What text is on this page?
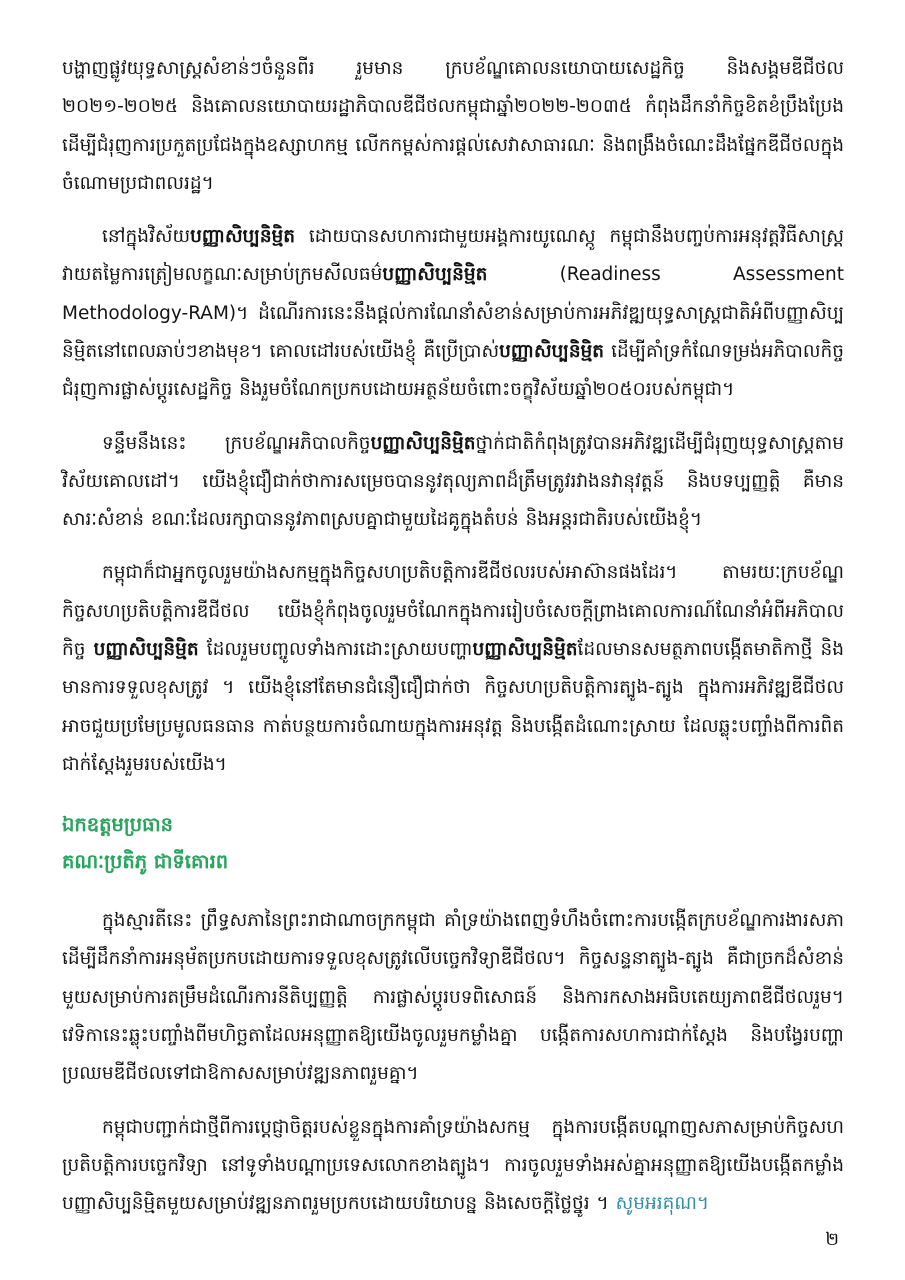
បង្ហាញផ្លូវយុទ្ធសាស្ត្រសំខាន់ៗចំនួនពីរ រួមមាន ក្របខ័ណ្ឌគោលនយោបាយសេដ្ឋកិច្ច និងសង្គមឌីជីថល ២០២១-២០២៥ និងគោលនយោបាយរដ្ឋាភិបាលឌីជីថលកម្ពុជាឆ្នាំ២០២២-២០៣៥ កំពុងដឹកនាំកិច្ចខិតខំប្រឹងប្រែង ដើម្បីជំរុញការប្រកួតប្រជែងក្នុងឧស្សាហកម្ម លើកកម្ពស់ការផ្តល់សេវាសាធារណៈ និងពង្រឹងចំណេះដឹងផ្នែកឌីជីថលក្នុងចំណោមប្រជាពលរដ្ឋ។

នៅក្នុងវិស័យបញ្ញាសិប្បនិម្មិត ដោយបានសហការជាមួយអង្គការយូណេស្កូ កម្ពុជានឹងបញ្ចប់ការអនុវត្តវិធីសាស្ត្រវាយតម្លៃការត្រៀមលក្ខណៈសម្រាប់ក្រមសីលធម៌បញ្ញាសិប្បនិម្មិត (Readiness Assessment Methodology-RAM)។ ដំណើរការនេះនឹងផ្តល់ការណែនាំសំខាន់សម្រាប់ការអភិវឌ្ឍយុទ្ធសាស្ត្រជាតិអំពីបញ្ញាសិប្បនិម្មិតនៅពេលឆាប់ៗខាងមុខ។ គោលដៅរបស់យើងខ្ញុំ គឺប្រើប្រាស់បញ្ញាសិប្បនិម្មិត ដើម្បីគាំទ្រកំណែទម្រង់អភិបាលកិច្ច ជំរុញការផ្លាស់ប្តូរសេដ្ឋកិច្ច និងរួមចំណែកប្រកបដោយអត្ថន័យចំពោះចក្ខុវិស័យឆ្នាំ២០៥០របស់កម្ពុជា។

ទន្ទឹមនឹងនេះ ក្របខ័ណ្ឌអភិបាលកិច្ចបញ្ញាសិប្បនិម្មិតថ្នាក់ជាតិកំពុងត្រូវបានអភិវឌ្ឍដើម្បីជំរុញយុទ្ធសាស្ត្រតាមវិស័យគោលដៅ។ យើងខ្ញុំជឿជាក់ថាការសម្រេចបាននូវតុល្យភាពដ៏ត្រឹមត្រូវរវាងនវានុវត្តន៍ និងបទប្បញ្ញត្តិ គឺមានសារៈសំខាន់ ខណៈដែលរក្សាបាននូវភាពស្របគ្នាជាមួយដៃគូក្នុងតំបន់ និងអន្តរជាតិរបស់យើងខ្ញុំ។

កម្ពុជាក៏ជាអ្នកចូលរួមយ៉ាងសកម្មក្នុងកិច្ចសហប្រតិបត្តិការឌីជីថលរបស់អាស៊ានផងដែរ។ តាមរយៈក្របខ័ណ្ឌកិច្ចសហប្រតិបត្តិការឌីជីថល យើងខ្ញុំកំពុងចូលរួមចំណែកក្នុងការរៀបចំសេចក្តីព្រាងគោលការណ៍ណែនាំអំពីអភិបាលកិច្ច បញ្ញាសិប្បនិម្មិត ដែលរួមបញ្ចូលទាំងការដោះស្រាយបញ្ហាបញ្ញាសិប្បនិម្មិតដែលមានសមត្ថភាពបង្កើតមាតិកាថ្មី និងមានការទទួលខុសត្រូវ ។ យើងខ្ញុំនៅតែមានជំនឿជឿជាក់ថា កិច្ចសហប្រតិបត្តិការត្បូង-ត្បូង ក្នុងការអភិវឌ្ឍឌីជីថល អាចជួយប្រមែប្រមូលធនធាន កាត់បន្ថយការចំណាយក្នុងការអនុវត្ត និងបង្កើតដំណោះស្រាយ ដែលឆ្លុះបញ្ចាំងពីការពិតជាក់ស្តែងរួមរបស់យើង។

ឯកឧត្តមប្រធាន
គណៈប្រតិភូ ជាទីគោរព

ក្នុងស្មារតីនេះ ព្រឹទ្ធសភានៃព្រះរាជាណាចក្រកម្ពុជា គាំទ្រយ៉ាងពេញទំហឹងចំពោះការបង្កើតក្របខ័ណ្ឌការងារសភា ដើម្បីដឹកនាំការអនុម័តប្រកបដោយការទទួលខុសត្រូវលើបច្ចេកវិទ្យាឌីជីថល។ កិច្ចសន្ទនាត្បូង-ត្បូង គឺជាច្រកដ៏សំខាន់មួយសម្រាប់ការតម្រឹមដំណើរការនីតិប្បញ្ញត្តិ ការផ្លាស់ប្តូរបទពិសោធន៍ និងការកសាងអធិបតេយ្យភាពឌីជីថលរួម។ វេទិកានេះឆ្លុះបញ្ចាំងពីមហិច្ឆតាដែលអនុញ្ញាតឱ្យយើងចូលរួមកម្លាំងគ្នា បង្កើតការសហការជាក់ស្តែង និងបង្វែរបញ្ហាប្រឈមឌីជីថលទៅជាឱកាសសម្រាប់វឌ្ឍនភាពរួមគ្នា។

កម្ពុជាបញ្ជាក់ជាថ្មីពីការប្តេជ្ញាចិត្តរបស់ខ្លួនក្នុងការគាំទ្រយ៉ាងសកម្ម ក្នុងការបង្កើតបណ្តាញសភាសម្រាប់កិច្ចសហប្រតិបត្តិការបច្ចេកវិទ្យា នៅទូទាំងបណ្តាប្រទេសលោកខាងត្បូង។ ការចូលរួមទាំងអស់គ្នាអនុញ្ញាតឱ្យយើងបង្កើតកម្លាំងបញ្ញាសិប្បនិម្មិតមួយសម្រាប់វឌ្ឍនភាពរួមប្រកបដោយបរិយាបន្ន និងសេចក្តីថ្លៃថ្នូរ ។ សូមអរគុណ។

២
